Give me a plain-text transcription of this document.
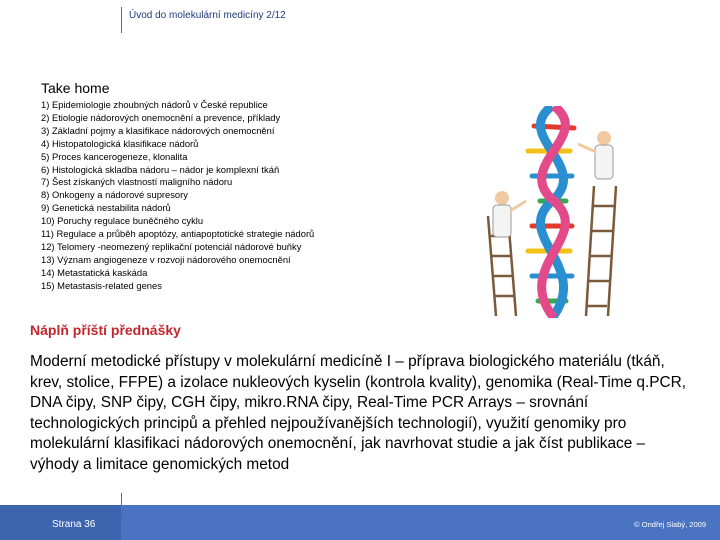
Úvod do molekulární medicíny 2/12
Take home
1) Epidemiologie zhoubných nádorů v České republice
2) Etiologie nádorových onemocnění a prevence, příklady
3) Základní pojmy a klasifikace nádorových onemocnění
4) Histopatologická klasifikace nádorů
5) Proces kancerogeneze, klonalita
6) Histologická skladba nádoru – nádor je komplexní tkáň
7) Šest získaných vlastností maligního nádoru
8) Onkogeny a nádorové supresory
9) Genetická nestabilita nádorů
10) Poruchy regulace buněčného cyklu
11) Regulace a průběh apoptózy, antiapoptotické strategie nádorů
12) Telomery -neomezený replikační potenciál nádorové buňky
13) Význam angiogeneze v rozvoji nádorového onemocnění
14) Metastatická kaskáda
15) Metastasis-related genes
Náplň příští přednášky
Moderní metodické přístupy v molekulární medicíně I – příprava biologického materiálu (tkáň, krev, stolice, FFPE) a izolace nukleových kyselin (kontrola kvality), genomika (Real-Time q.PCR, DNA čipy, SNP čipy, CGH čipy, mikro.RNA čipy, Real-Time PCR Arrays – srovnání technologických principů a přehled nejpoužívanějších technologií), využití genomiky pro molekulární klasifikaci nádorových onemocnění, jak navrhovat studie a jak číst publikace – výhody a limitace genomických metod
Strana 36	© Ondřej Slabý, 2009
